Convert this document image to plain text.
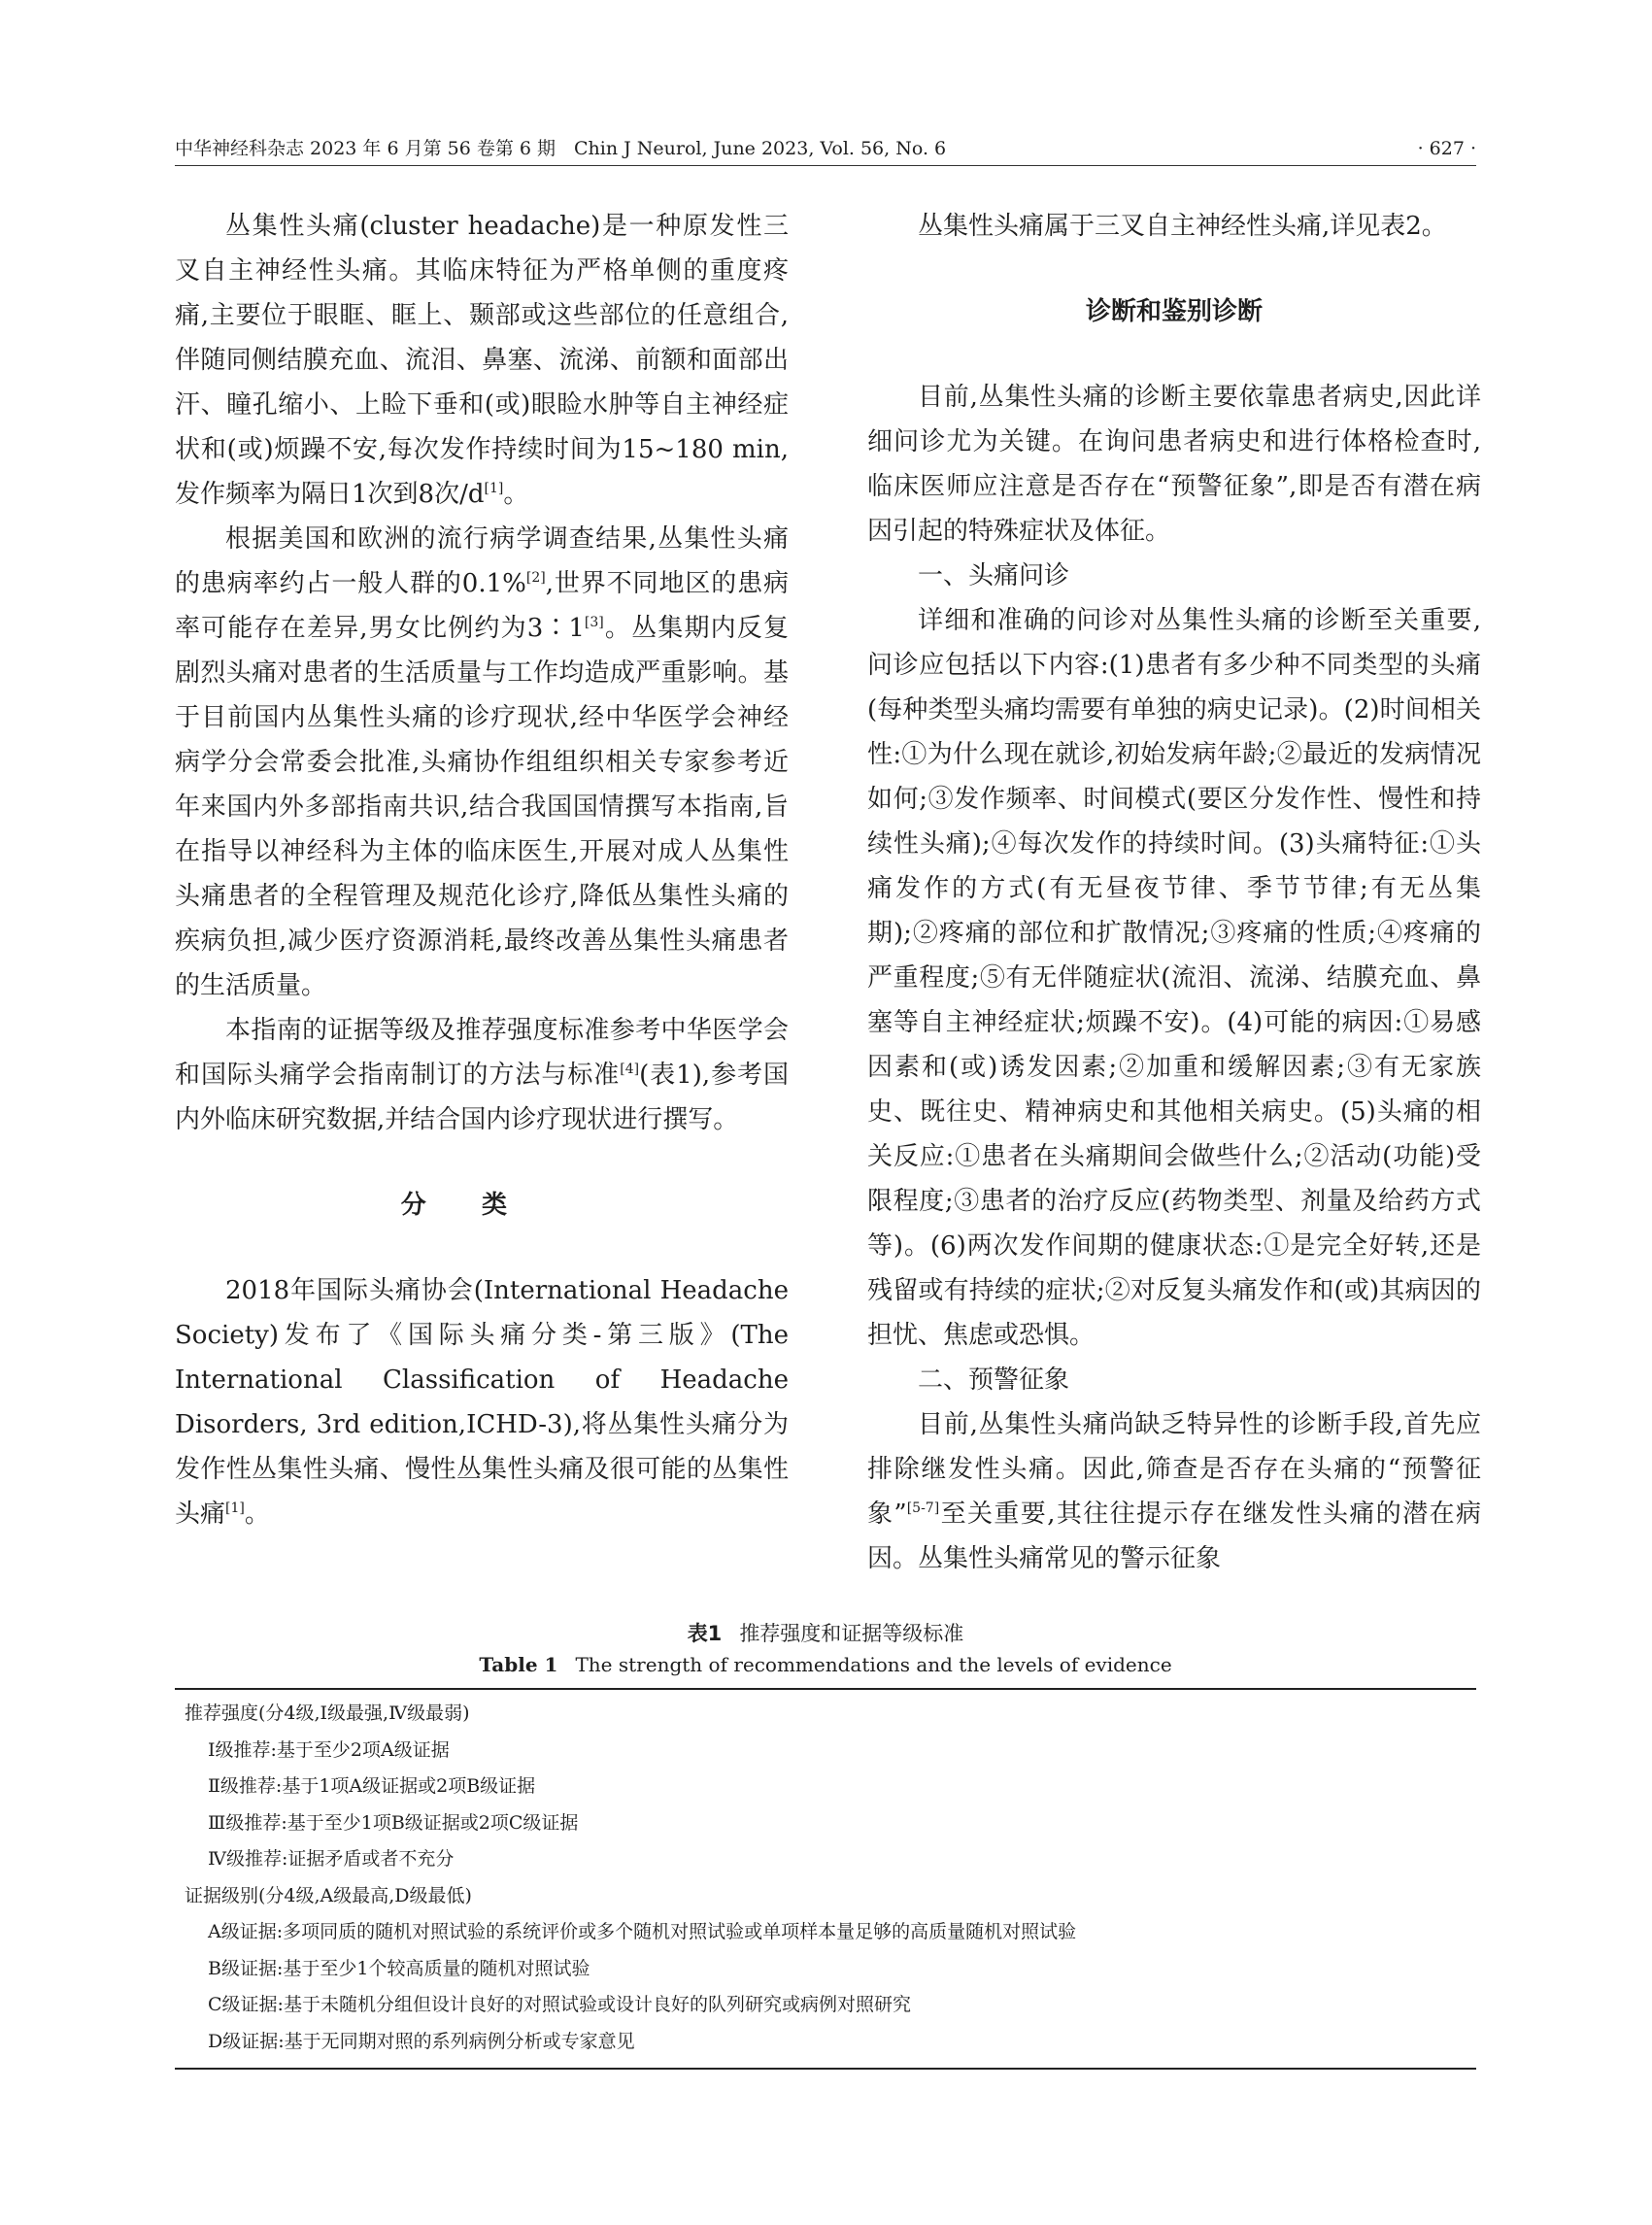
中华神经科杂志 2023 年 6 月第 56 卷第 6 期　Chin J Neurol, June 2023, Vol. 56, No. 6	· 627 ·

丛集性头痛(cluster headache)是一种原发性三叉自主神经性头痛。其临床特征为严格单侧的重度疼痛,主要位于眼眶、眶上、颞部或这些部位的任意组合,伴随同侧结膜充血、流泪、鼻塞、流涕、前额和面部出汗、瞳孔缩小、上睑下垂和(或)眼睑水肿等自主神经症状和(或)烦躁不安,每次发作持续时间为15~180 min,发作频率为隔日1次到8次/d[1]。

根据美国和欧洲的流行病学调查结果,丛集性头痛的患病率约占一般人群的0.1%[2],世界不同地区的患病率可能存在差异,男女比例约为3∶1[3]。丛集期内反复剧烈头痛对患者的生活质量与工作均造成严重影响。基于目前国内丛集性头痛的诊疗现状,经中华医学会神经病学分会常委会批准,头痛协作组组织相关专家参考近年来国内外多部指南共识,结合我国国情撰写本指南,旨在指导以神经科为主体的临床医生,开展对成人丛集性头痛患者的全程管理及规范化诊疗,降低丛集性头痛的疾病负担,减少医疗资源消耗,最终改善丛集性头痛患者的生活质量。

本指南的证据等级及推荐强度标准参考中华医学会和国际头痛学会指南制订的方法与标准[4](表1),参考国内外临床研究数据,并结合国内诊疗现状进行撰写。

分类

2018年国际头痛协会(International Headache Society)发布了《国际头痛分类-第三版》(The International Classification of Headache Disorders, 3rd edition,ICHD-3),将丛集性头痛分为发作性丛集性头痛、慢性丛集性头痛及很可能的丛集性头痛[1]。

丛集性头痛属于三叉自主神经性头痛,详见表2。

诊断和鉴别诊断

目前,丛集性头痛的诊断主要依靠患者病史,因此详细问诊尤为关键。在询问患者病史和进行体格检查时,临床医师应注意是否存在“预警征象”,即是否有潜在病因引起的特殊症状及体征。

一、头痛问诊

详细和准确的问诊对丛集性头痛的诊断至关重要,问诊应包括以下内容:(1)患者有多少种不同类型的头痛(每种类型头痛均需要有单独的病史记录)。(2)时间相关性:①为什么现在就诊,初始发病年龄;②最近的发病情况如何;③发作频率、时间模式(要区分发作性、慢性和持续性头痛);④每次发作的持续时间。(3)头痛特征:①头痛发作的方式(有无昼夜节律、季节节律;有无丛集期);②疼痛的部位和扩散情况;③疼痛的性质;④疼痛的严重程度;⑤有无伴随症状(流泪、流涕、结膜充血、鼻塞等自主神经症状;烦躁不安)。(4)可能的病因:①易感因素和(或)诱发因素;②加重和缓解因素;③有无家族史、既往史、精神病史和其他相关病史。(5)头痛的相关反应:①患者在头痛期间会做些什么;②活动(功能)受限程度;③患者的治疗反应(药物类型、剂量及给药方式等)。(6)两次发作间期的健康状态:①是完全好转,还是残留或有持续的症状;②对反复头痛发作和(或)其病因的担忧、焦虑或恐惧。

二、预警征象

目前,丛集性头痛尚缺乏特异性的诊断手段,首先应排除继发性头痛。因此,筛查是否存在头痛的“预警征象”[5-7]至关重要,其往往提示存在继发性头痛的潜在病因。丛集性头痛常见的警示征象

表1 推荐强度和证据等级标准
Table 1 The strength of recommendations and the levels of evidence
推荐强度(分4级,Ⅰ级最强,Ⅳ级最弱)
Ⅰ级推荐:基于至少2项A级证据
Ⅱ级推荐:基于1项A级证据或2项B级证据
Ⅲ级推荐:基于至少1项B级证据或2项C级证据
Ⅳ级推荐:证据矛盾或者不充分
证据级别(分4级,A级最高,D级最低)
A级证据:多项同质的随机对照试验的系统评价或多个随机对照试验或单项样本量足够的高质量随机对照试验
B级证据:基于至少1个较高质量的随机对照试验
C级证据:基于未随机分组但设计良好的对照试验或设计良好的队列研究或病例对照研究
D级证据:基于无同期对照的系列病例分析或专家意见
